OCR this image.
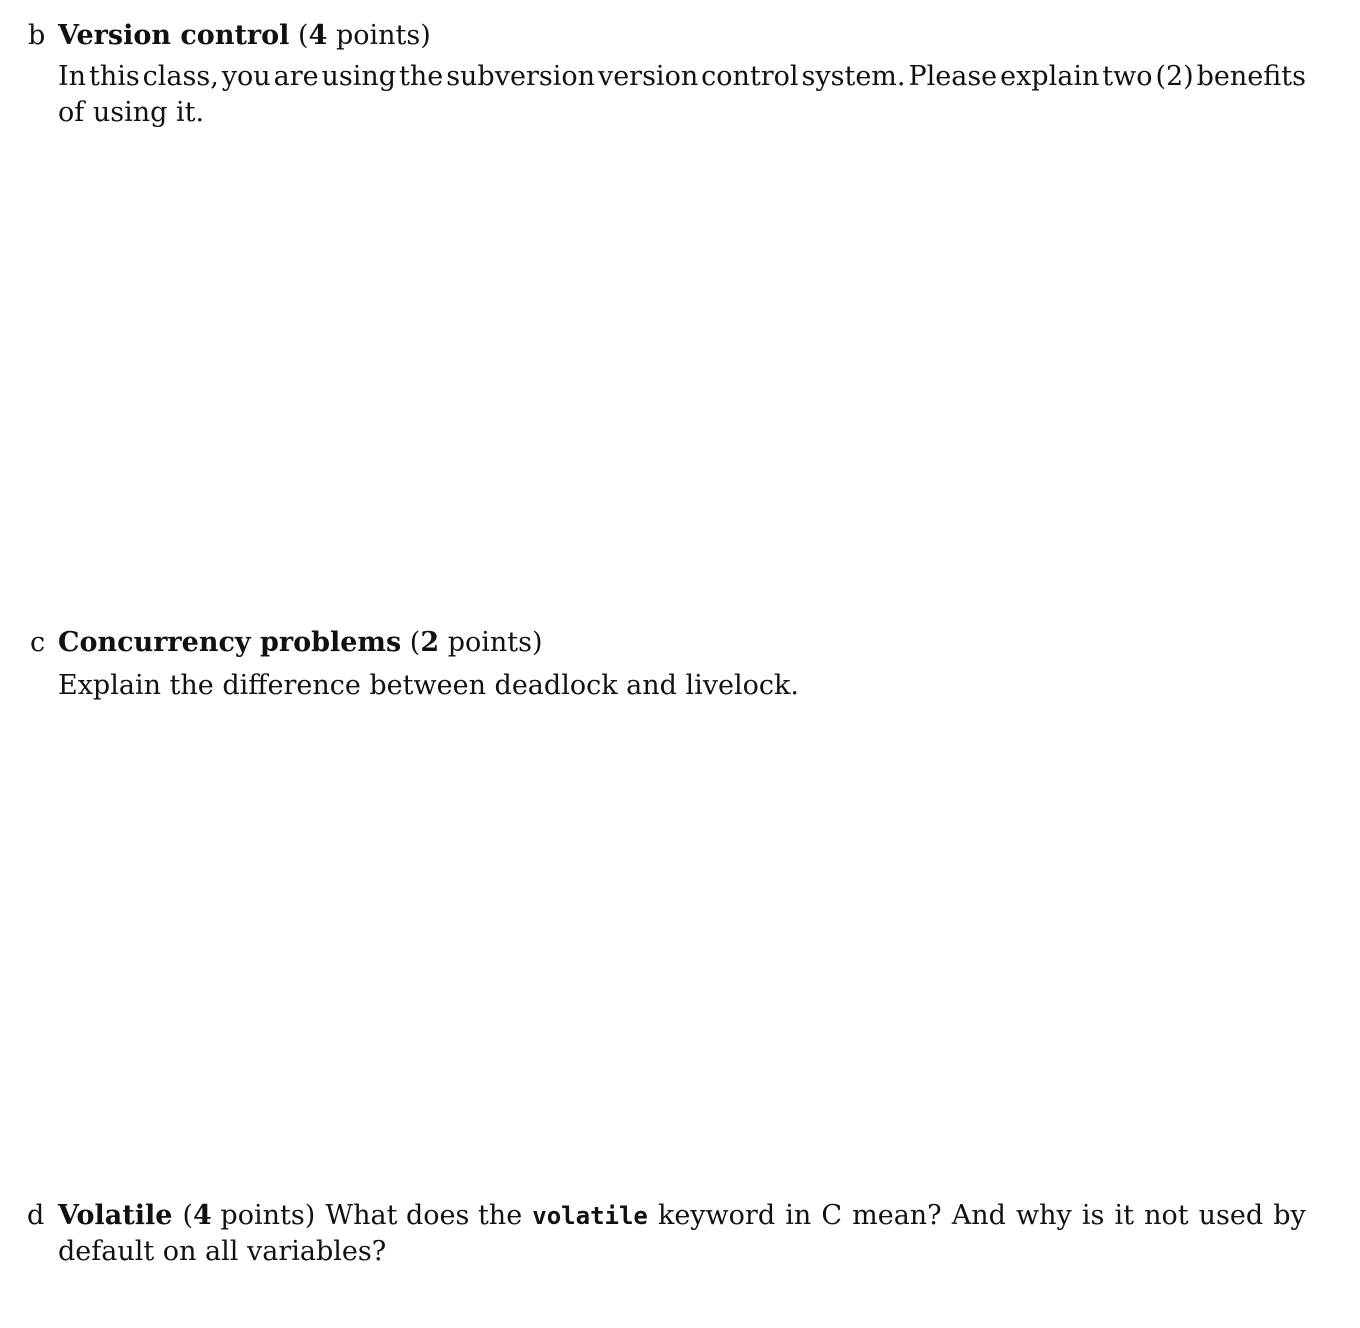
b Version control (4 points)
In this class, you are using the subversion version control system. Please explain two (2) benefits
of using it.
c Concurrency problems (2 points)
Explain the difference between deadlock and livelock.
d Volatile (4 points) What does the volatile keyword in C mean? And why is it not used by
default on all variables?
